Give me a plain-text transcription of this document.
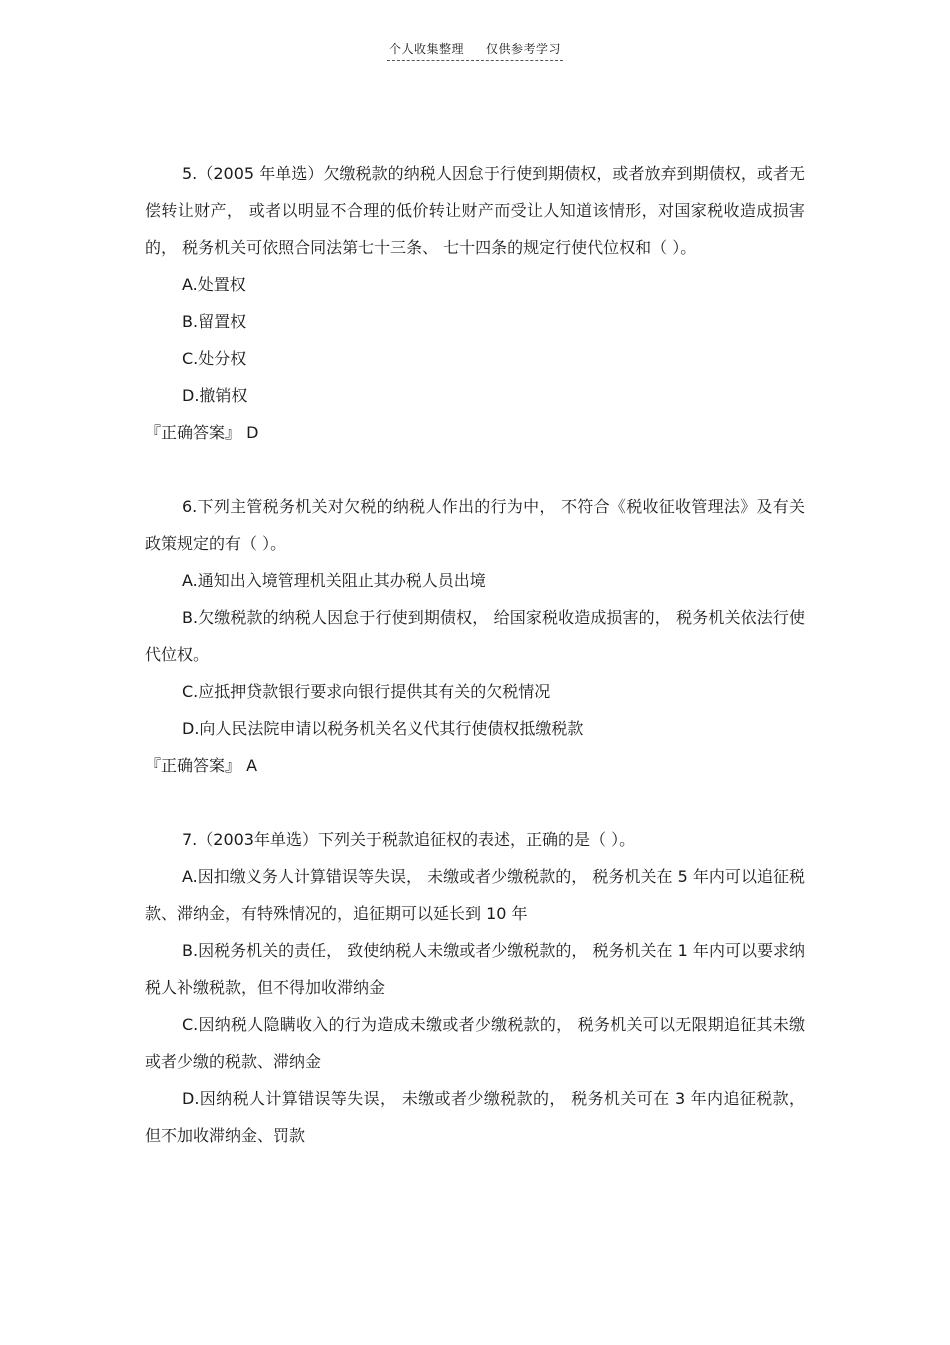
个人收集整理 仅供参考学习

5.（2005 年单选）欠缴税款的纳税人因怠于行使到期债权，或者放弃到期债权，或者无偿转让财产， 或者以明显不合理的低价转让财产而受让人知道该情形，对国家税收造成损害的， 税务机关可依照合同法第七十三条、 七十四条的规定行使代位权和（ ）。

A.处置权

B.留置权

C.处分权

D.撤销权

『正确答案』 D

6.下列主管税务机关对欠税的纳税人作出的行为中， 不符合《税收征收管理法》及有关政策规定的有（ ）。

A.通知出入境管理机关阻止其办税人员出境

B.欠缴税款的纳税人因怠于行使到期债权， 给国家税收造成损害的， 税务机关依法行使代位权。

C.应抵押贷款银行要求向银行提供其有关的欠税情况

D.向人民法院申请以税务机关名义代其行使债权抵缴税款

『正确答案』 A

7.（2003年单选）下列关于税款追征权的表述，正确的是（ ）。

A.因扣缴义务人计算错误等失误， 未缴或者少缴税款的， 税务机关在 5 年内可以追征税款、滞纳金，有特殊情况的，追征期可以延长到 10 年

B.因税务机关的责任， 致使纳税人未缴或者少缴税款的， 税务机关在 1 年内可以要求纳税人补缴税款，但不得加收滞纳金

C.因纳税人隐瞒收入的行为造成未缴或者少缴税款的， 税务机关可以无限期追征其未缴或者少缴的税款、滞纳金

D.因纳税人计算错误等失误， 未缴或者少缴税款的， 税务机关可在 3 年内追征税款，但不加收滞纳金、罚款
